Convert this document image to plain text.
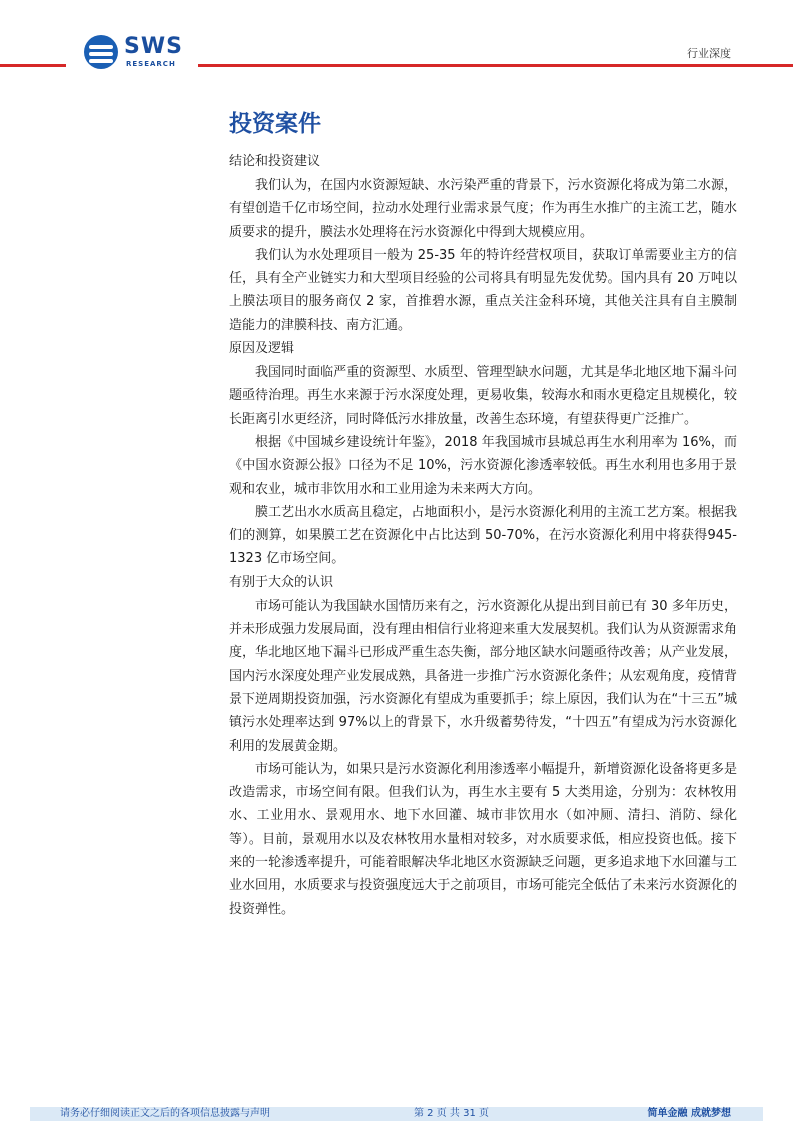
SWS
RESEARCH
行业深度
投资案件

结论和投资建议

我们认为，在国内水资源短缺、水污染严重的背景下，污水资源化将成为第二水源，有望创造千亿市场空间，拉动水处理行业需求景气度；作为再生水推广的主流工艺，随水质要求的提升，膜法水处理将在污水资源化中得到大规模应用。

我们认为水处理项目一般为 25-35 年的特许经营权项目，获取订单需要业主方的信任，具有全产业链实力和大型项目经验的公司将具有明显先发优势。国内具有 20 万吨以上膜法项目的服务商仅 2 家，首推碧水源，重点关注金科环境，其他关注具有自主膜制造能力的津膜科技、南方汇通。

原因及逻辑

我国同时面临严重的资源型、水质型、管理型缺水问题，尤其是华北地区地下漏斗问题亟待治理。再生水来源于污水深度处理，更易收集，较海水和雨水更稳定且规模化，较长距离引水更经济，同时降低污水排放量，改善生态环境，有望获得更广泛推广。

根据《中国城乡建设统计年鉴》，2018 年我国城市县城总再生水利用率为 16%，而《中国水资源公报》口径为不足 10%，污水资源化渗透率较低。再生水利用也多用于景观和农业，城市非饮用水和工业用途为未来两大方向。

膜工艺出水水质高且稳定，占地面积小，是污水资源化利用的主流工艺方案。根据我们的测算，如果膜工艺在资源化中占比达到 50-70%，在污水资源化利用中将获得945-1323 亿市场空间。

有别于大众的认识

市场可能认为我国缺水国情历来有之，污水资源化从提出到目前已有 30 多年历史，并未形成强力发展局面，没有理由相信行业将迎来重大发展契机。我们认为从资源需求角度，华北地区地下漏斗已形成严重生态失衡，部分地区缺水问题亟待改善；从产业发展，国内污水深度处理产业发展成熟，具备进一步推广污水资源化条件；从宏观角度，疫情背景下逆周期投资加强，污水资源化有望成为重要抓手；综上原因，我们认为在“十三五”城镇污水处理率达到 97%以上的背景下，水升级蓄势待发，“十四五”有望成为污水资源化利用的发展黄金期。

市场可能认为，如果只是污水资源化利用渗透率小幅提升，新增资源化设备将更多是改造需求，市场空间有限。但我们认为，再生水主要有 5 大类用途，分别为：农林牧用水、工业用水、景观用水、地下水回灌、城市非饮用水（如冲厕、清扫、消防、绿化等）。目前，景观用水以及农林牧用水量相对较多，对水质要求低，相应投资也低。接下来的一轮渗透率提升，可能着眼解决华北地区水资源缺乏问题，更多追求地下水回灌与工业水回用，水质要求与投资强度远大于之前项目，市场可能完全低估了未来污水资源化的投资弹性。

请务必仔细阅读正文之后的各项信息披露与声明	第 2 页 共 31 页	简单金融 成就梦想
